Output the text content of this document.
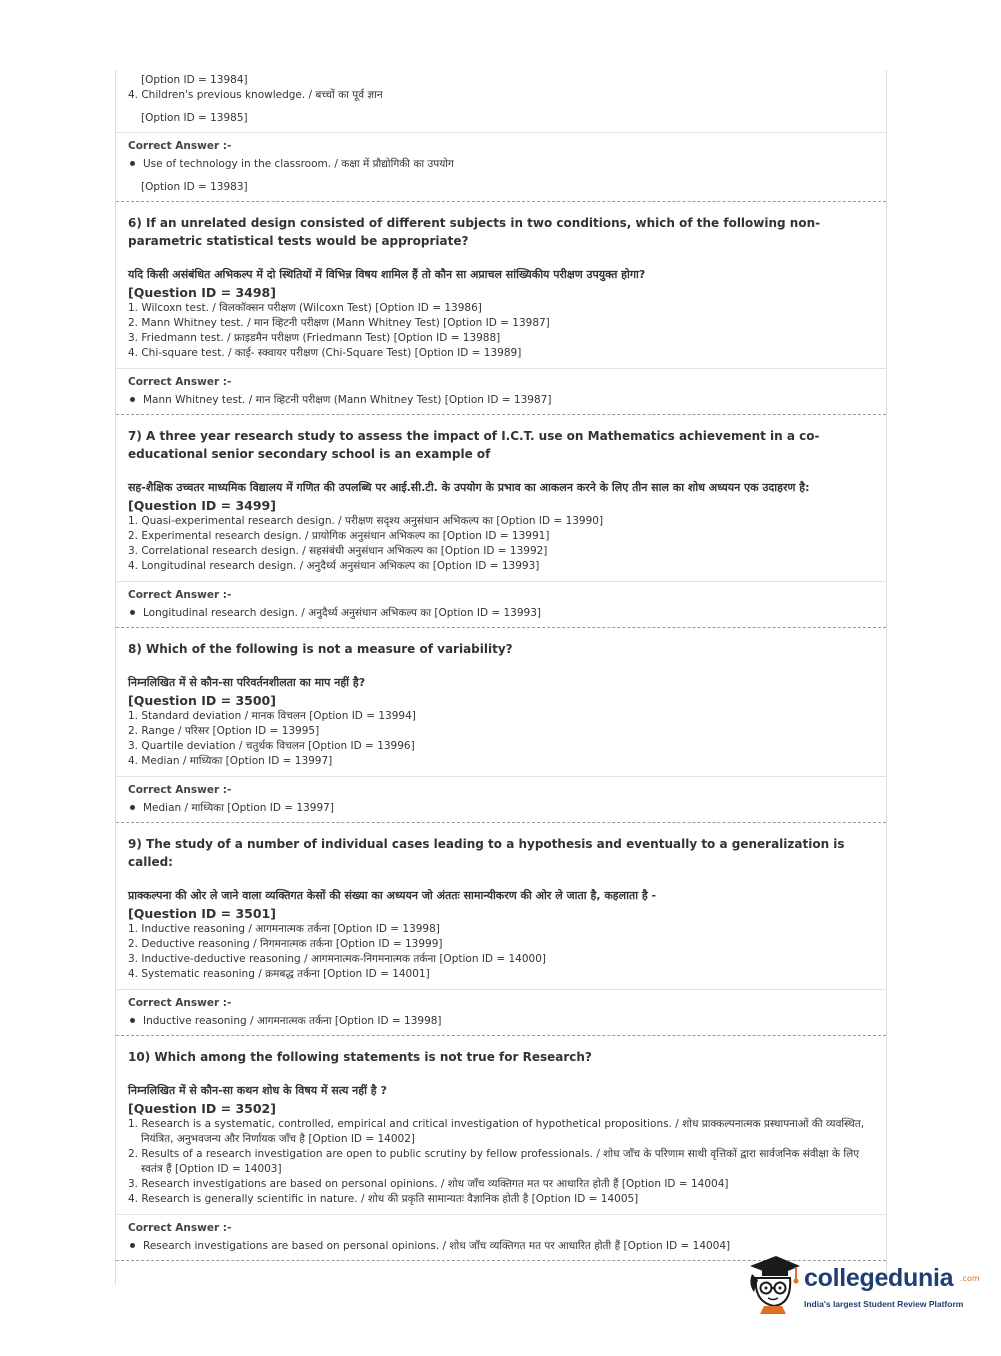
[Option ID = 13984]
4. Children's previous knowledge. / बच्चों का पूर्व ज्ञान
[Option ID = 13985]
Correct Answer :-
Use of technology in the classroom. / कक्षा में प्रौद्योगिकी का उपयोग
[Option ID = 13983]
6) If an unrelated design consisted of different subjects in two conditions, which of the following non-parametric statistical tests would be appropriate?
यदि किसी असंबंधित अभिकल्प में दो स्थितियों में विभिन्न विषय शामिल हैं तो कौन सा अप्राचल सांख्यिकीय परीक्षण उपयुक्त होगा?
[Question ID = 3498]
1. Wilcoxn test. / विलकॉक्सन परीक्षण (Wilcoxn Test) [Option ID = 13986]
2. Mann Whitney test. / मान व्हिटनी परीक्षण (Mann Whitney Test) [Option ID = 13987]
3. Friedmann test. / फ्राइडमैन परीक्षण (Friedmann Test) [Option ID = 13988]
4. Chi-square test. / काई- स्क्वायर परीक्षण (Chi-Square Test) [Option ID = 13989]
Correct Answer :-
Mann Whitney test. / मान व्हिटनी परीक्षण (Mann Whitney Test) [Option ID = 13987]
7) A three year research study to assess the impact of I.C.T. use on Mathematics achievement in a co-educational senior secondary school is an example of
सह-शैक्षिक उच्चतर माध्यमिक विद्यालय में गणित की उपलब्धि पर आई.सी.टी. के उपयोग के प्रभाव का आकलन करने के लिए तीन साल का शोध अध्ययन एक उदाहरण है:
[Question ID = 3499]
1. Quasi-experimental research design. / परीक्षण सदृश्य अनुसंधान अभिकल्प का [Option ID = 13990]
2. Experimental research design. / प्रायोगिक अनुसंधान अभिकल्प का [Option ID = 13991]
3. Correlational research design. / सहसंबंधी अनुसंधान अभिकल्प का [Option ID = 13992]
4. Longitudinal research design. / अनुदैर्ध्य अनुसंधान अभिकल्प का [Option ID = 13993]
Correct Answer :-
Longitudinal research design. / अनुदैर्ध्य अनुसंधान अभिकल्प का [Option ID = 13993]
8) Which of the following is not a measure of variability?
निम्नलिखित में से कौन-सा परिवर्तनशीलता का माप नहीं है?
[Question ID = 3500]
1. Standard deviation / मानक विचलन [Option ID = 13994]
2. Range / परिसर [Option ID = 13995]
3. Quartile deviation / चतुर्थक विचलन [Option ID = 13996]
4. Median / माध्यिका [Option ID = 13997]
Correct Answer :-
Median / माध्यिका [Option ID = 13997]
9) The study of a number of individual cases leading to a hypothesis and eventually to a generalization is called:
प्राक्कल्पना की ओर ले जाने वाला व्यक्तिगत केसों की संख्या का अध्ययन जो अंततः सामान्यीकरण की ओर ले जाता है, कहलाता है -
[Question ID = 3501]
1. Inductive reasoning / आगमनात्मक तर्कना [Option ID = 13998]
2. Deductive reasoning / निगमनात्मक तर्कना [Option ID = 13999]
3. Inductive-deductive reasoning / आगमनात्मक-निगमनात्मक तर्कना [Option ID = 14000]
4. Systematic reasoning / क्रमबद्ध तर्कना [Option ID = 14001]
Correct Answer :-
Inductive reasoning / आगमनात्मक तर्कना [Option ID = 13998]
10) Which among the following statements is not true for Research?
निम्नलिखित में से कौन-सा कथन शोध के विषय में सत्य नहीं है ?
[Question ID = 3502]
1. Research is a systematic, controlled, empirical and critical investigation of hypothetical propositions. / शोध प्राक्कल्पनात्मक प्रस्थापनाओं की व्यवस्थित, नियंत्रित, अनुभवजन्य और निर्णायक जाँच है [Option ID = 14002]
2. Results of a research investigation are open to public scrutiny by fellow professionals. / शोध जाँच के परिणाम साथी वृत्तिकों द्वारा सार्वजनिक संवीक्षा के लिए स्वतंत्र हैं [Option ID = 14003]
3. Research investigations are based on personal opinions. / शोध जाँच व्यक्तिगत मत पर आधारित होती हैं [Option ID = 14004]
4. Research is generally scientific in nature. / शोध की प्रकृति सामान्यतः वैज्ञानिक होती है [Option ID = 14005]
Correct Answer :-
Research investigations are based on personal opinions. / शोध जाँच व्यक्तिगत मत पर आधारित होती हैं [Option ID = 14004]
collegedunia .com
India's largest Student Review Platform
